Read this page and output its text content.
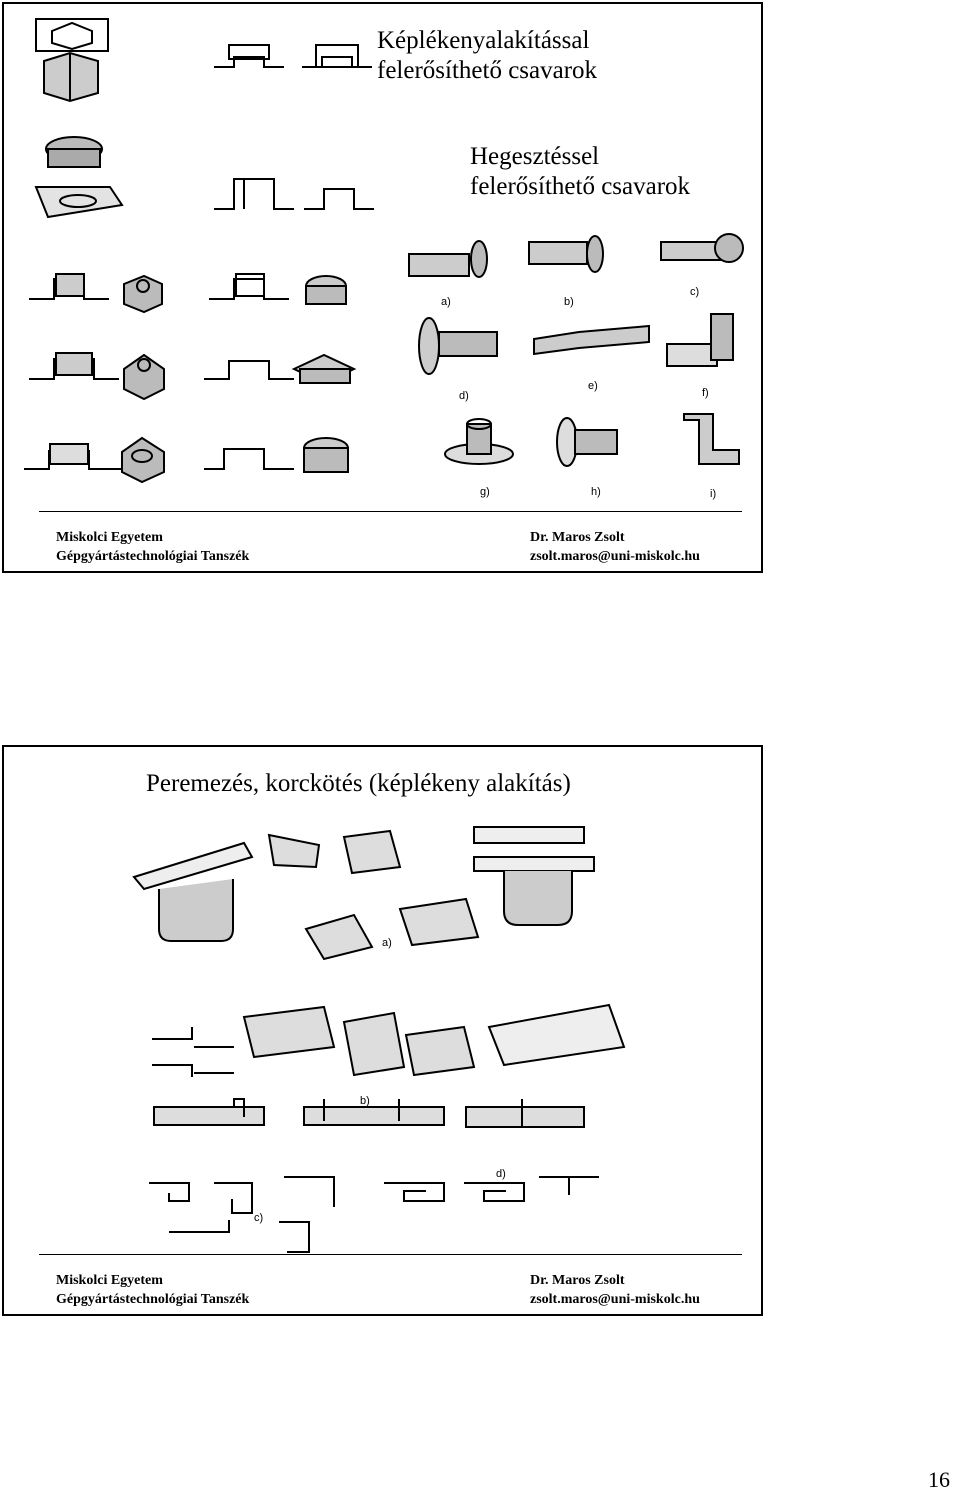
Képlékenyalakítással
felerősíthető csavarok
Hegesztéssel
felerősíthető csavarok
a)	b)
c)
d)
e)
f)
g)	h)	i)
Miskolci Egyetem
Gépgyártástechnológiai Tanszék
Dr. Maros Zsolt
zsolt.maros@uni-miskolc.hu
Peremezés, korckötés (képlékeny alakítás)
a)
b)
c)
d)
Miskolci Egyetem
Gépgyártástechnológiai Tanszék
Dr. Maros Zsolt
zsolt.maros@uni-miskolc.hu
16
